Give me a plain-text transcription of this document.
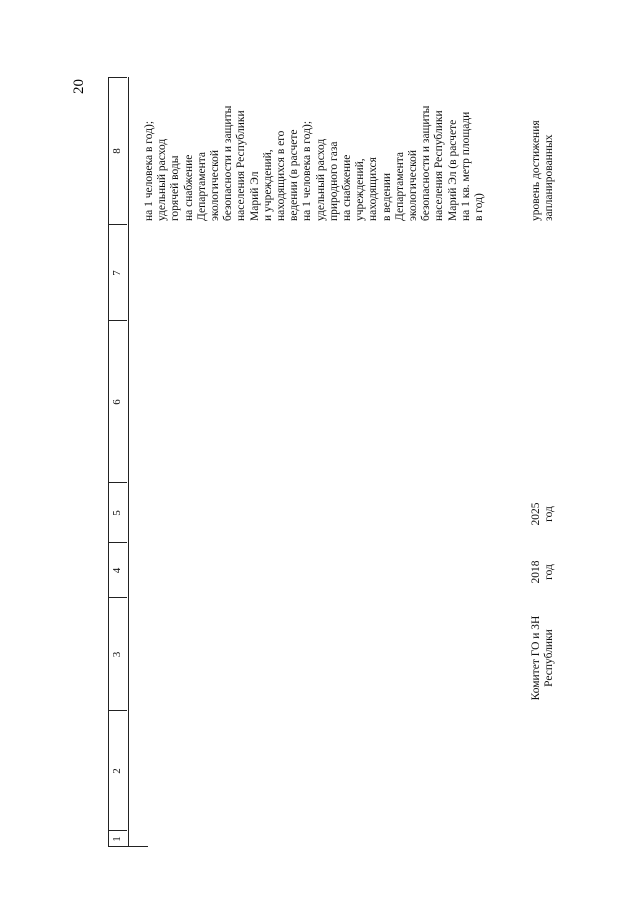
20
1
2
3
4
5
6
7
8 на 1 человека в год); удельный расход горячей воды на снабжение Департамента экологической безопасности и защиты населения Республики Марий Эл и учреждений, находящихся в его ведении (в расчете на 1 человека в год); удельный расход природного газа на снабжение учреждений, находящихся в ведении Департамента экологической безопасности и защиты населения Республики Марий Эл (в расчете на 1 кв. метр площади в год)
Комитет ГО и ЗН Республики
2018 год
2025 год
уровень достижения запланированных
